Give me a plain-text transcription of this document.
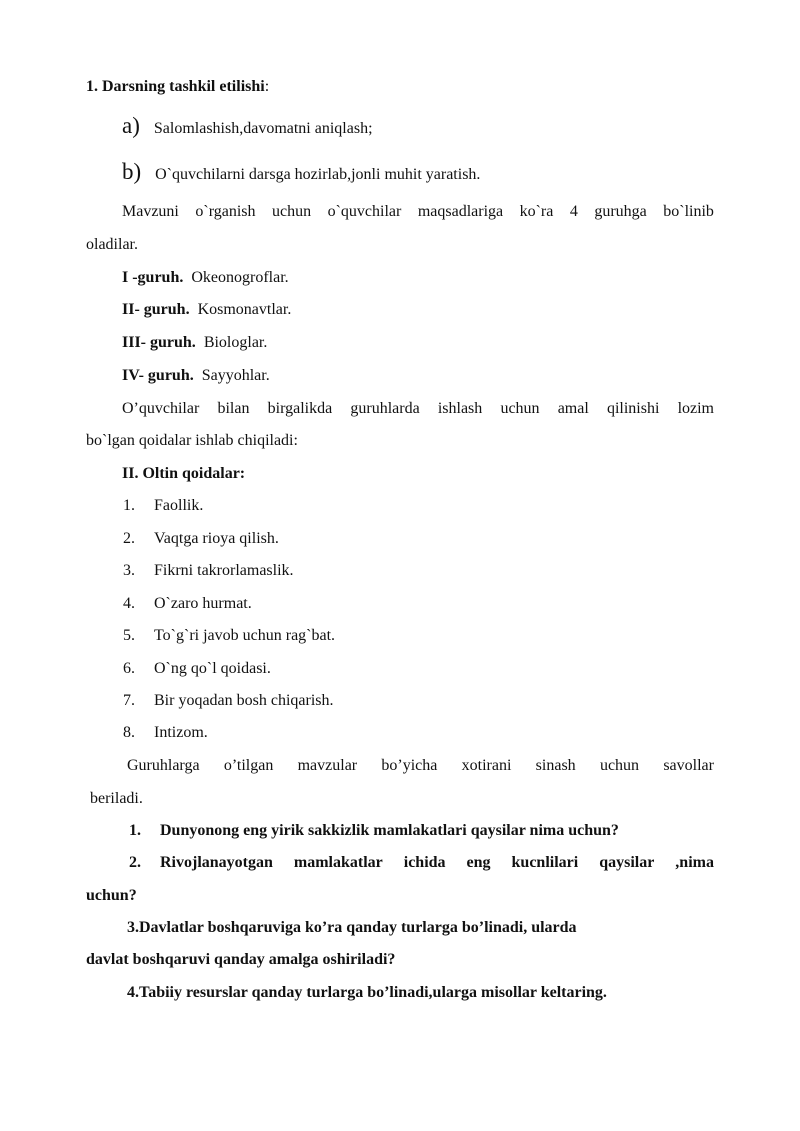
1. Darsning tashkil etilishi:
a) Salomlashish,davomatni aniqlash;
b) O`quvchilarni darsga hozirlab,jonli muhit yaratish.
Mavzuni o`rganish uchun o`quvchilar maqsadlariga ko`ra 4 guruhga bo`linib
oladilar.
I -guruh. Okeonogroflar.
II- guruh. Kosmonavtlar.
III- guruh. Biologlar.
IV- guruh. Sayyohlar.
O’quvchilar bilan birgalikda guruhlarda ishlash uchun amal qilinishi lozim
bo`lgan qoidalar ishlab chiqiladi:
II. Oltin qoidalar:
1. Faollik.
2. Vaqtga rioya qilish.
3. Fikrni takrorlamaslik.
4. O`zaro hurmat.
5. To`g`ri javob uchun rag`bat.
6. O`ng qo`l qoidasi.
7. Bir yoqadan bosh chiqarish.
8. Intizom.
Guruhlarga o’tilgan mavzular bo’yicha xotirani sinash uchun savollar
beriladi.
1. Dunyonong eng yirik sakkizlik mamlakatlari qaysilar nima uchun?
2.	Rivojlanayotgan mamlakatlar ichida eng kucnlilari qaysilar ,nima
uchun?
3.Davlatlar boshqaruviga ko’ra qanday turlarga bo’linadi, ularda
davlat boshqaruvi qanday amalga oshiriladi?
4.Tabiiy resurslar qanday turlarga bo’linadi,ularga misollar keltaring.
